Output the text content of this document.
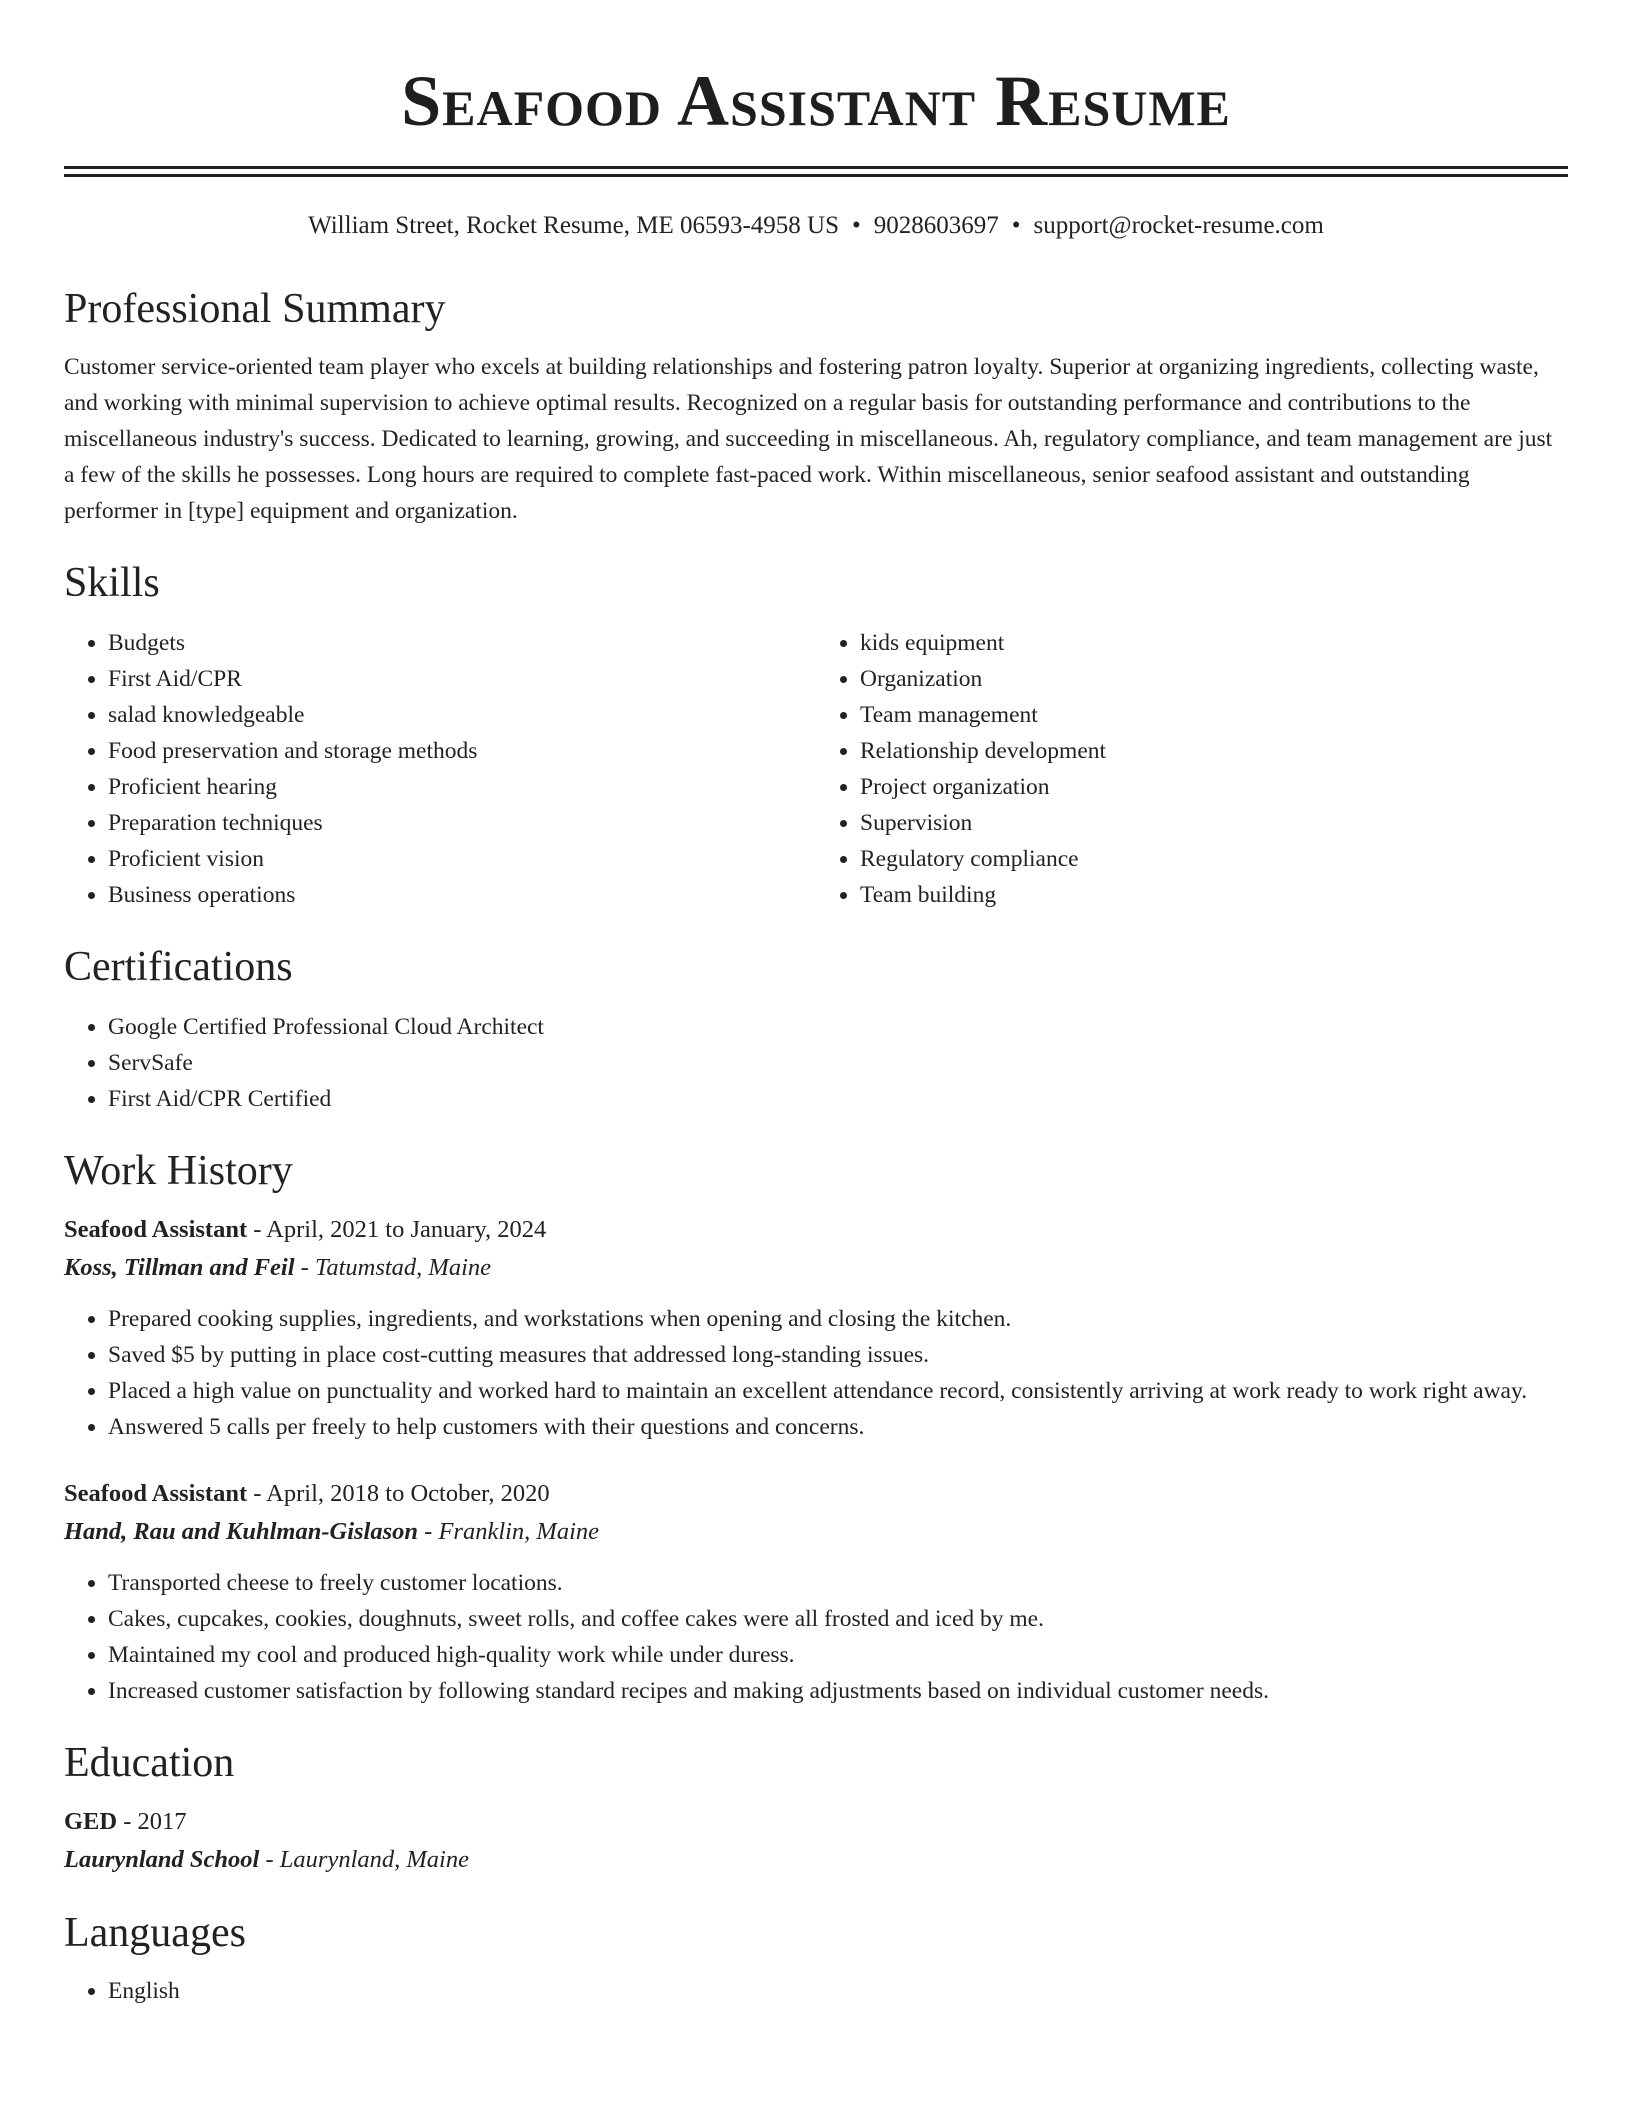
Seafood Assistant Resume
William Street, Rocket Resume, ME 06593-4958 US • 9028603697 • support@rocket-resume.com
Professional Summary

Customer service-oriented team player who excels at building relationships and fostering patron loyalty. Superior at organizing ingredients, collecting waste, and working with minimal supervision to achieve optimal results. Recognized on a regular basis for outstanding performance and contributions to the miscellaneous industry's success. Dedicated to learning, growing, and succeeding in miscellaneous. Ah, regulatory compliance, and team management are just a few of the skills he possesses. Long hours are required to complete fast-paced work. Within miscellaneous, senior seafood assistant and outstanding performer in [type] equipment and organization.

Skills
• Budgets
• First Aid/CPR
• salad knowledgeable
• Food preservation and storage methods
• Proficient hearing
• Preparation techniques
• Proficient vision
• Business operations
• kids equipment
• Organization
• Team management
• Relationship development
• Project organization
• Supervision
• Regulatory compliance
• Team building
Certifications
• Google Certified Professional Cloud Architect
• ServSafe
• First Aid/CPR Certified
Work History
Seafood Assistant - April, 2021 to January, 2024
Koss, Tillman and Feil - Tatumstad, Maine
• Prepared cooking supplies, ingredients, and workstations when opening and closing the kitchen.
• Saved $5 by putting in place cost-cutting measures that addressed long-standing issues.
• Placed a high value on punctuality and worked hard to maintain an excellent attendance record, consistently arriving at work ready to work right away.
• Answered 5 calls per freely to help customers with their questions and concerns.
Seafood Assistant - April, 2018 to October, 2020
Hand, Rau and Kuhlman-Gislason - Franklin, Maine
• Transported cheese to freely customer locations.
• Cakes, cupcakes, cookies, doughnuts, sweet rolls, and coffee cakes were all frosted and iced by me.
• Maintained my cool and produced high-quality work while under duress.
• Increased customer satisfaction by following standard recipes and making adjustments based on individual customer needs.
Education
GED - 2017
Laurynland School - Laurynland, Maine
Languages
• English
